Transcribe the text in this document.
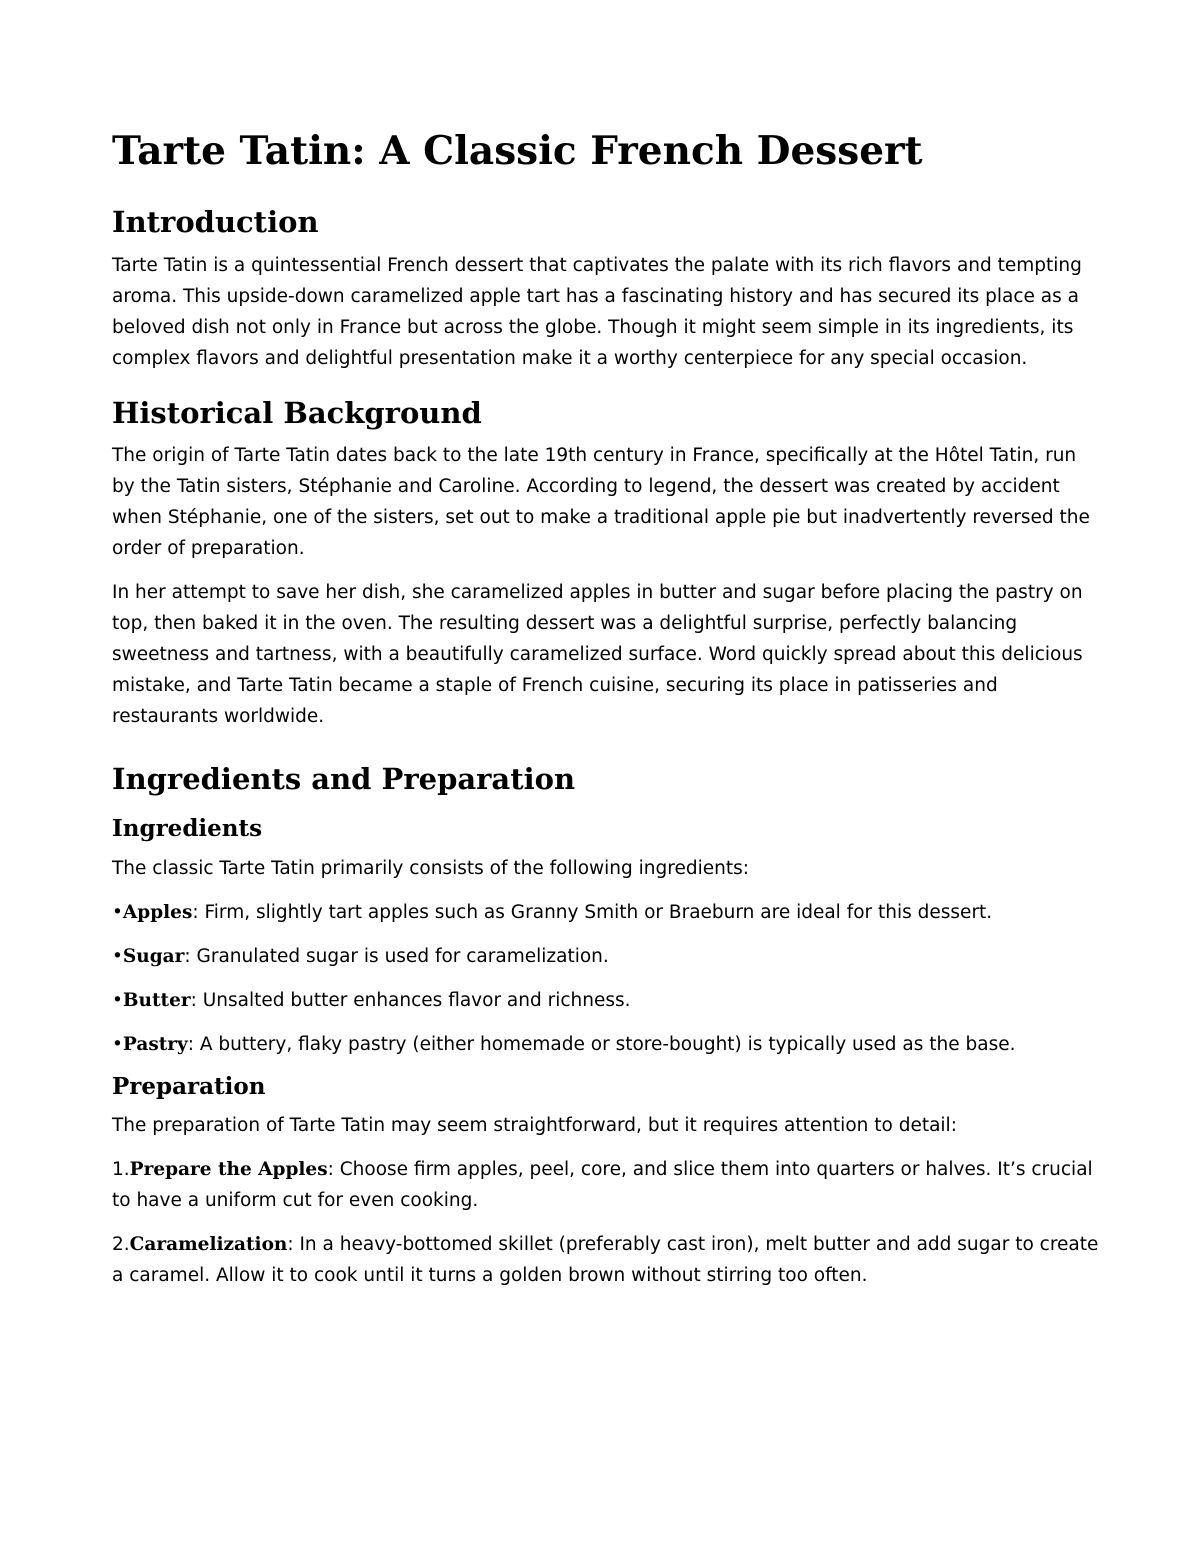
Tarte Tatin: A Classic French Dessert
Introduction

Tarte Tatin is a quintessential French dessert that captivates the palate with its rich flavors and tempting aroma. This upside-down caramelized apple tart has a fascinating history and has secured its place as a beloved dish not only in France but across the globe. Though it might seem simple in its ingredients, its complex flavors and delightful presentation make it a worthy centerpiece for any special occasion.

Historical Background

The origin of Tarte Tatin dates back to the late 19th century in France, specifically at the Hôtel Tatin, run by the Tatin sisters, Stéphanie and Caroline. According to legend, the dessert was created by accident when Stéphanie, one of the sisters, set out to make a traditional apple pie but inadvertently reversed the order of preparation.

In her attempt to save her dish, she caramelized apples in butter and sugar before placing the pastry on top, then baked it in the oven. The resulting dessert was a delightful surprise, perfectly balancing sweetness and tartness, with a beautifully caramelized surface. Word quickly spread about this delicious mistake, and Tarte Tatin became a staple of French cuisine, securing its place in patisseries and restaurants worldwide.

Ingredients and Preparation
Ingredients

The classic Tarte Tatin primarily consists of the following ingredients:

•Apples: Firm, slightly tart apples such as Granny Smith or Braeburn are ideal for this dessert.

•Sugar: Granulated sugar is used for caramelization.

•Butter: Unsalted butter enhances flavor and richness.

•Pastry: A buttery, flaky pastry (either homemade or store-bought) is typically used as the base.

Preparation

The preparation of Tarte Tatin may seem straightforward, but it requires attention to detail:

1.Prepare the Apples: Choose firm apples, peel, core, and slice them into quarters or halves. It’s crucial to have a uniform cut for even cooking.

2.Caramelization: In a heavy-bottomed skillet (preferably cast iron), melt butter and add sugar to create a caramel. Allow it to cook until it turns a golden brown without stirring too often.
